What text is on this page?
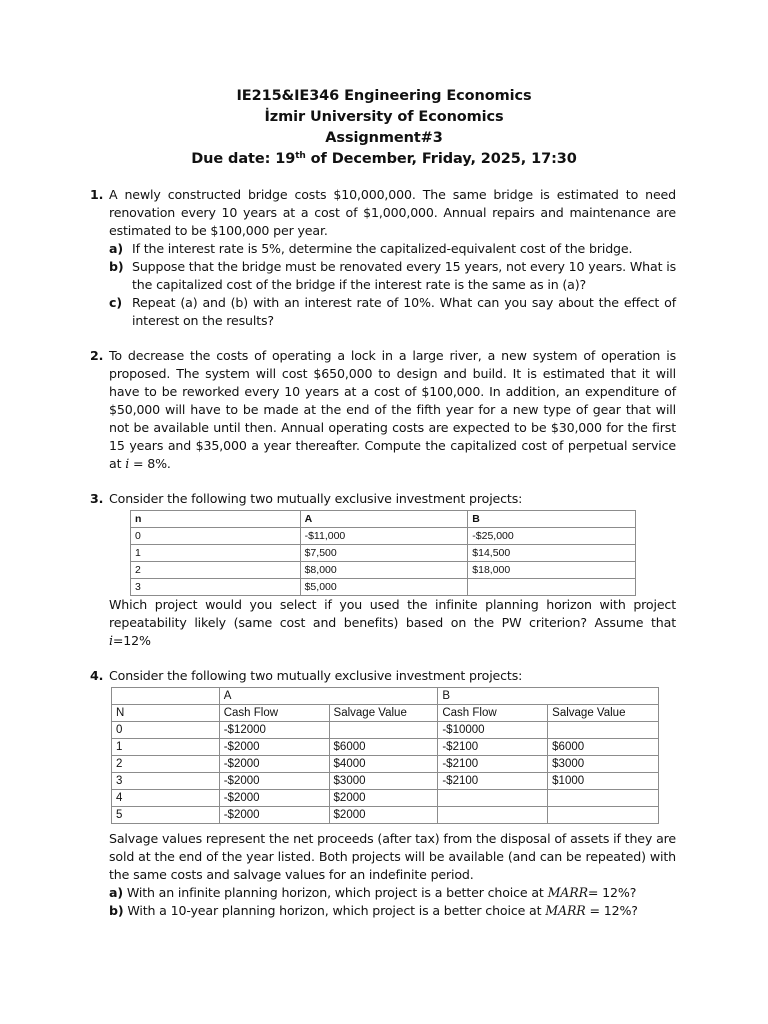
IE215&IE346 Engineering Economics
İzmir University of Economics
Assignment#3
Due date: 19th of December, Friday, 2025, 17:30
1. A newly constructed bridge costs $10,000,000. The same bridge is estimated to need renovation every 10 years at a cost of $1,000,000. Annual repairs and maintenance are estimated to be $100,000 per year.
a) If the interest rate is 5%, determine the capitalized-equivalent cost of the bridge.
b) Suppose that the bridge must be renovated every 15 years, not every 10 years. What is the capitalized cost of the bridge if the interest rate is the same as in (a)?
c) Repeat (a) and (b) with an interest rate of 10%. What can you say about the effect of interest on the results?
2. To decrease the costs of operating a lock in a large river, a new system of operation is proposed. The system will cost $650,000 to design and build. It is estimated that it will have to be reworked every 10 years at a cost of $100,000. In addition, an expenditure of $50,000 will have to be made at the end of the fifth year for a new type of gear that will not be available until then. Annual operating costs are expected to be $30,000 for the first 15 years and $35,000 a year thereafter. Compute the capitalized cost of perpetual service at i = 8%.
3. Consider the following two mutually exclusive investment projects:
n	A	B
0	-$11,000	-$25,000
1	$7,500	$14,500
2	$8,000	$18,000
3	$5,000	
Which project would you select if you used the infinite planning horizon with project repeatability likely (same cost and benefits) based on the PW criterion? Assume that i=12%
4. Consider the following two mutually exclusive investment projects:
	A		B	
N	Cash Flow	Salvage Value	Cash Flow	Salvage Value
0	-$12000		-$10000	
1	-$2000	$6000	-$2100	$6000
2	-$2000	$4000	-$2100	$3000
3	-$2000	$3000	-$2100	$1000
4	-$2000	$2000		
5	-$2000	$2000		
Salvage values represent the net proceeds (after tax) from the disposal of assets if they are sold at the end of the year listed. Both projects will be available (and can be repeated) with the same costs and salvage values for an indefinite period.
a) With an infinite planning horizon, which project is a better choice at MARR= 12%?
b) With a 10-year planning horizon, which project is a better choice at MARR = 12%?
